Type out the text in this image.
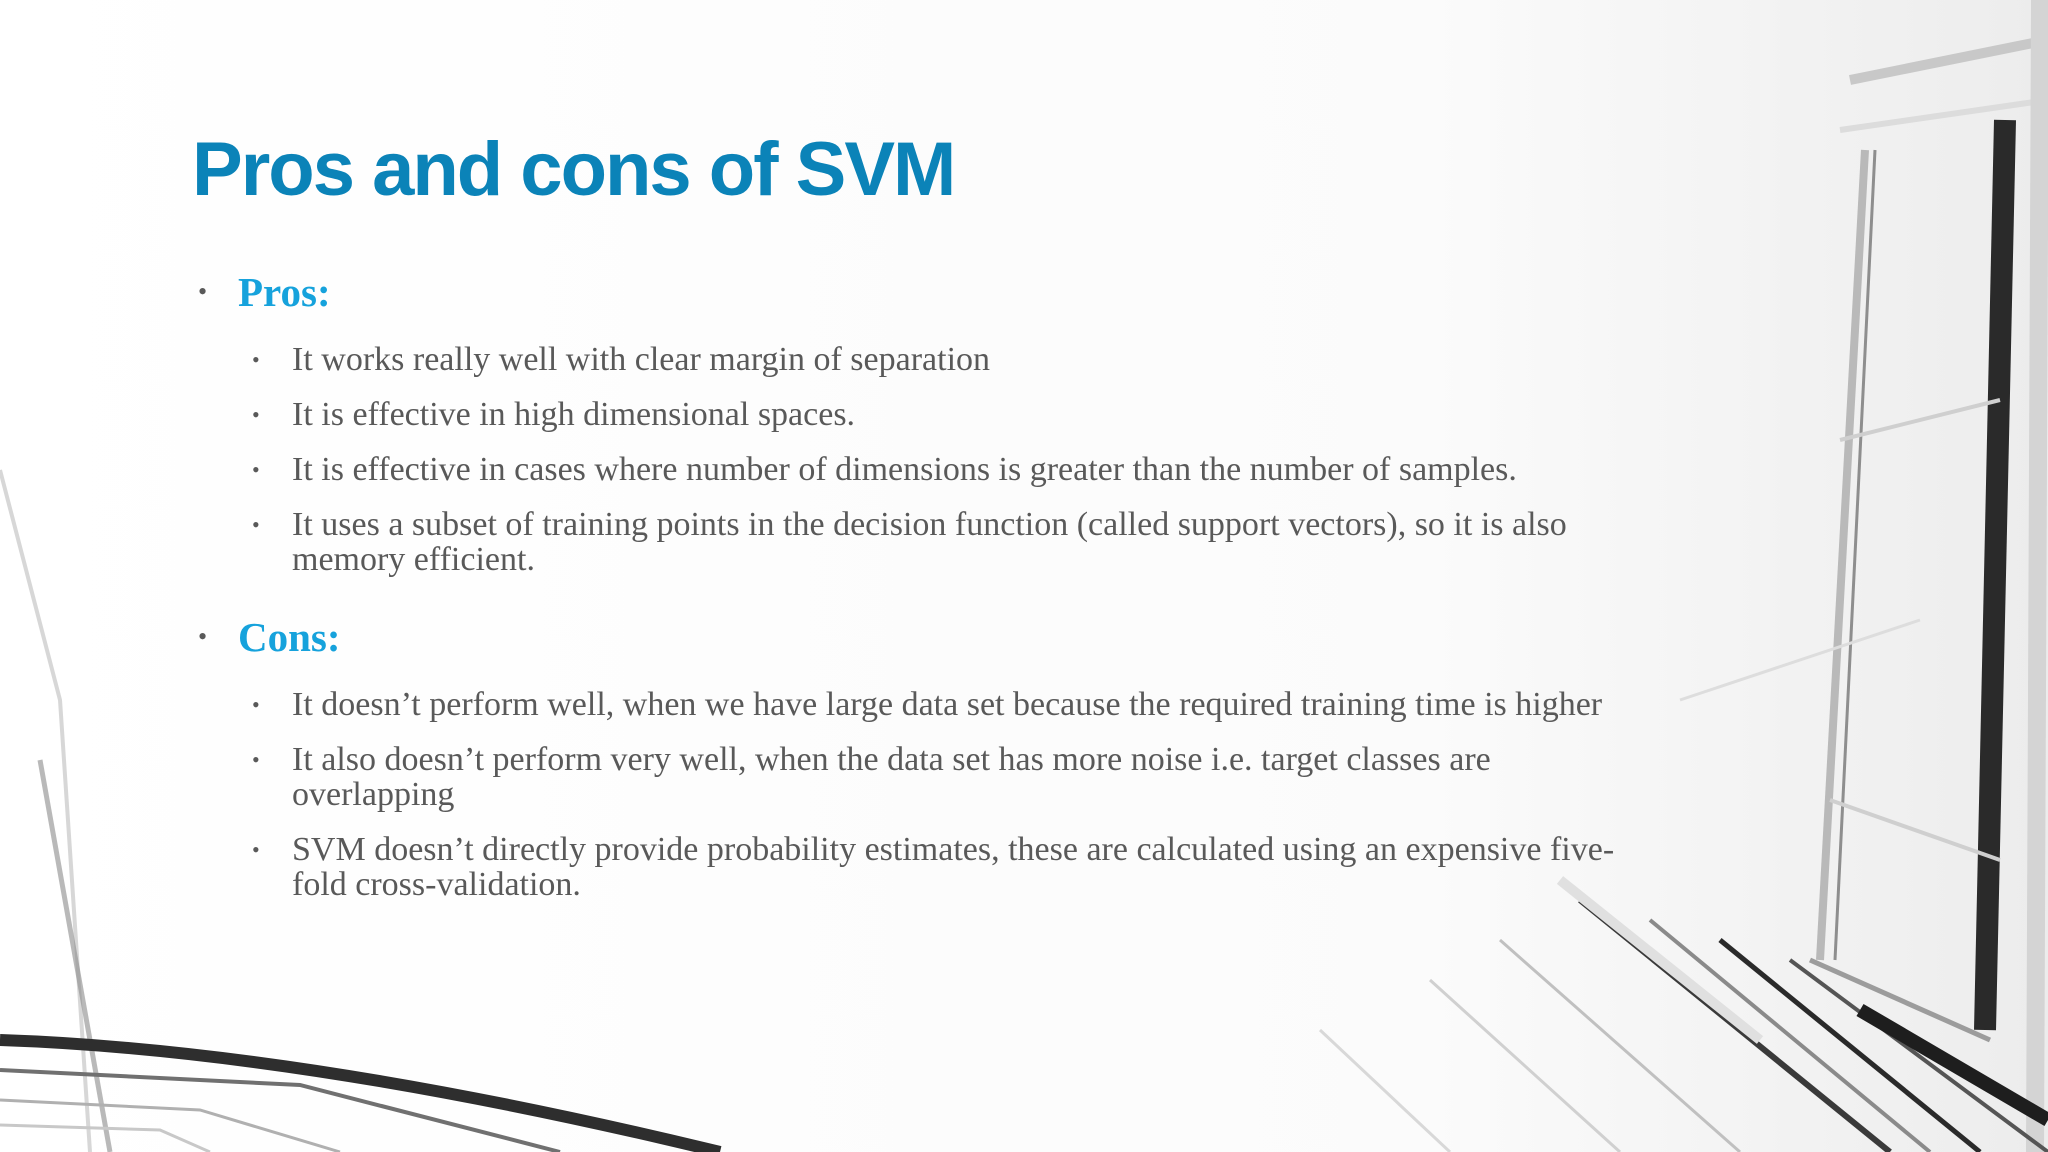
Pros and cons of SVM
• Pros:
• It works really well with clear margin of separation
• It is effective in high dimensional spaces.
• It is effective in cases where number of dimensions is greater than the number of samples.
• It uses a subset of training points in the decision function (called support vectors), so it is also memory efficient.
• Cons:
• It doesn’t perform well, when we have large data set because the required training time is higher
• It also doesn’t perform very well, when the data set has more noise i.e. target classes are overlapping
• SVM doesn’t directly provide probability estimates, these are calculated using an expensive five-fold cross-validation.
